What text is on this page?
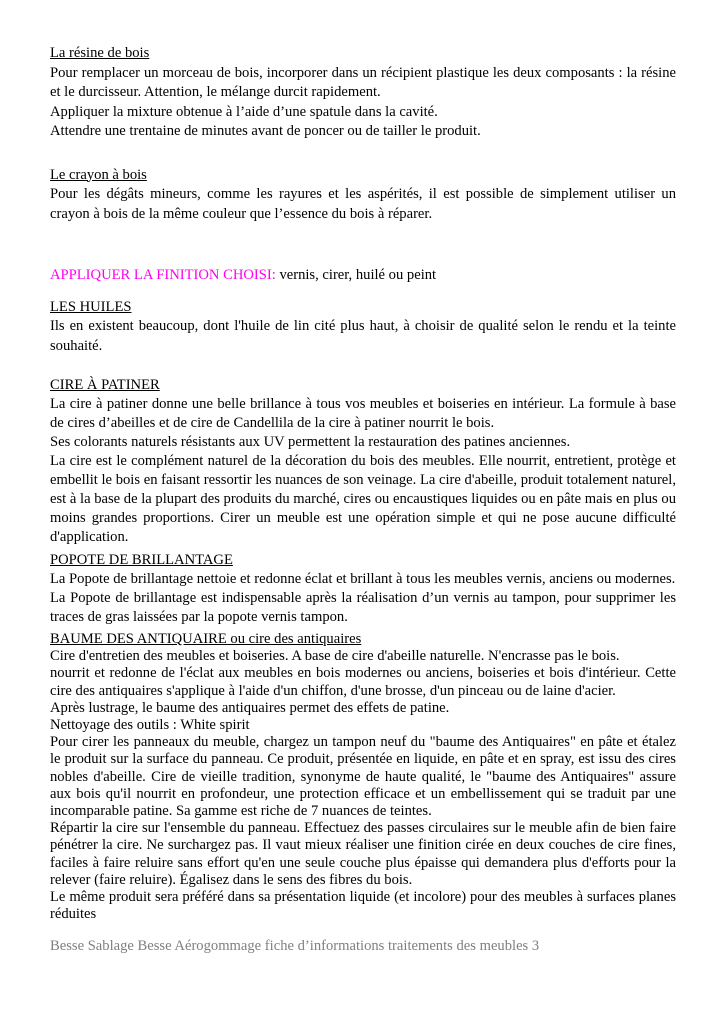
La résine de bois

Pour remplacer un morceau de bois, incorporer dans un récipient plastique les deux composants : la résine et le durcisseur. Attention, le mélange durcit rapidement.

Appliquer la mixture obtenue à l’aide d’une spatule dans la cavité.

Attendre une trentaine de minutes avant de poncer ou de tailler le produit.

Le crayon à bois

Pour les dégâts mineurs, comme les rayures et les aspérités, il est possible de simplement utiliser un crayon à bois de la même couleur que l’essence du bois à réparer.

APPLIQUER LA FINITION CHOISI: vernis, cirer, huilé ou peint

LES HUILES

Ils en existent beaucoup, dont l'huile de lin cité plus haut, à choisir de qualité selon le rendu et la teinte souhaité.

CIRE À PATINER

La cire à patiner donne une belle brillance à tous vos meubles et boiseries en intérieur. La formule à base de cires d’abeilles et de cire de Candellila de la cire à patiner nourrit le bois.

Ses colorants naturels résistants aux UV permettent la restauration des patines anciennes.

La cire est le complément naturel de la décoration du bois des meubles. Elle nourrit, entretient, protège et embellit le bois en faisant ressortir les nuances de son veinage. La cire d'abeille, produit totalement naturel, est à la base de la plupart des produits du marché, cires ou encaustiques liquides ou en pâte mais en plus ou moins grandes proportions. Cirer un meuble est une opération simple et qui ne pose aucune difficulté d'application.

POPOTE DE BRILLANTAGE

La Popote de brillantage nettoie et redonne éclat et brillant à tous les meubles vernis, anciens ou modernes.

La Popote de brillantage est indispensable après la réalisation d’un vernis au tampon, pour supprimer les traces de gras laissées par la popote vernis tampon.

BAUME DES ANTIQUAIRE ou cire des antiquaires

Cire d'entretien des meubles et boiseries. A base de cire d'abeille naturelle. N'encrasse pas le bois.

nourrit et redonne de l'éclat aux meubles en bois modernes ou anciens, boiseries et bois d'intérieur. Cette cire des antiquaires s'applique à l'aide d'un chiffon, d'une brosse, d'un pinceau ou de laine d'acier.

Après lustrage, le baume des antiquaires permet des effets de patine.

Nettoyage des outils : White spirit

Pour cirer les panneaux du meuble, chargez un tampon neuf du "baume des Antiquaires" en pâte et étalez le produit sur la surface du panneau. Ce produit, présentée en liquide, en pâte et en spray, est issu des cires nobles d'abeille. Cire de vieille tradition, synonyme de haute qualité, le "baume des Antiquaires" assure aux bois qu'il nourrit en profondeur, une protection efficace et un embellissement qui se traduit par une incomparable patine. Sa gamme est riche de 7 nuances de teintes.

Répartir la cire sur l'ensemble du panneau. Effectuez des passes circulaires sur le meuble afin de bien faire pénétrer la cire. Ne surchargez pas. Il vaut mieux réaliser une finition cirée en deux couches de cire fines, faciles à faire reluire sans effort qu'en une seule couche plus épaisse qui demandera plus d'efforts pour la relever (faire reluire). Égalisez dans le sens des fibres du bois.

Le même produit sera préféré dans sa présentation liquide (et incolore) pour des meubles à surfaces planes réduites

Besse Sablage Besse Aérogommage fiche d’informations traitements des meubles 3
